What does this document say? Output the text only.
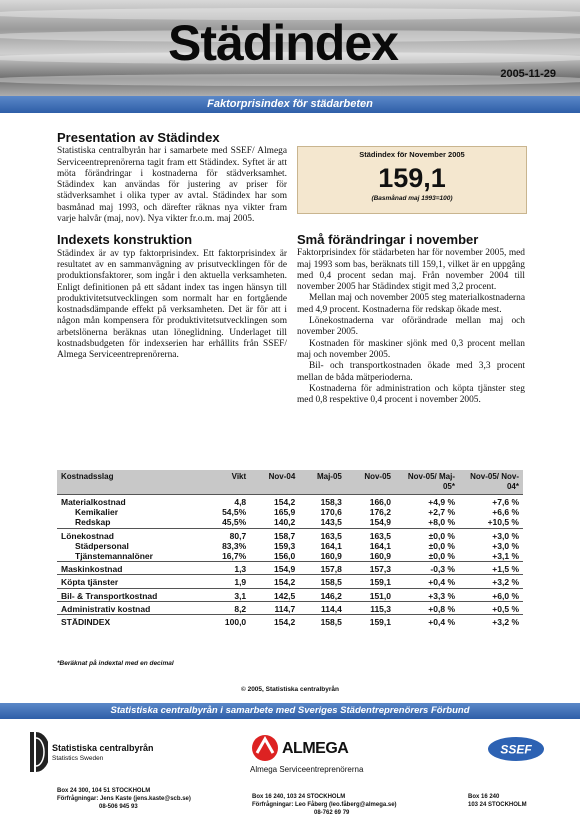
Städindex
2005-11-29
Faktorprisindex för städarbeten
Presentation av Städindex

Statistiska centralbyrån har i samarbete med SSEF/ Almega Serviceentreprenörerna tagit fram ett Städindex. Syftet är att möta förändringar i kostnaderna för städverksamhet. Städindex kan användas för justering av priser för städverksamhet i olika typer av avtal. Städindex har som basmånad maj 1993, och därefter räknas nya vikter fram varje halvår (maj, nov). Nya vikter fr.o.m. maj 2005.

Indexets konstruktion

Städindex är av typ faktorprisindex. Ett faktorprisindex är resultatet av en sammanvägning av prisutvecklingen för de produktionsfaktorer, som ingår i den aktuella verksamheten. Enligt definitionen på ett sådant index tas ingen hänsyn till produktivitetsutvecklingen som normalt har en fortgående kostnadsdämpande effekt på verksamheten. Det är för att i någon mån kompensera för produktivitetsutvecklingen som arbetslönerna beräknas utan löneglidning. Underlaget till kostnadsbudgeten för indexserien har erhållits från SSEF/ Almega Serviceentreprenörerna.

Städindex för November 2005
159,1
(Basmånad maj 1993=100)
Små förändringar i november

Faktorprisindex för städarbeten har för november 2005, med maj 1993 som bas, beräknats till 159,1, vilket är en uppgång med 0,4 procent sedan maj. Från november 2004 till november 2005 har Städindex stigit med 3,2 procent.

Mellan maj och november 2005 steg materialkostnaderna med 4,9 procent. Kostnaderna för redskap ökade mest.

Lönekostnaderna var oförändrade mellan maj och november 2005.

Kostnaden för maskiner sjönk med 0,3 procent mellan maj och november 2005.

Bil- och transportkostnaden ökade med 3,3 procent mellan de båda mätperioderna.

Kostnaderna för administration och köpta tjänster steg med 0,8 respektive 0,4 procent i november 2005.

Kostnadsslag	Vikt	Nov-04	Maj-05	Nov-05	Nov-05/ Maj-05*	Nov-05/ Nov-04*
Materialkostnad	4,8	154,2	158,3	166,0	+4,9 %	+7,6 %
Kemikalier	54,5%	165,9	170,6	176,2	+2,7 %	+6,6 %
Redskap	45,5%	140,2	143,5	154,9	+8,0 %	+10,5 %
Lönekostnad	80,7	158,7	163,5	163,5	±0,0 %	+3,0 %
Städpersonal	83,3%	159,3	164,1	164,1	±0,0 %	+3,0 %
Tjänstemannalöner	16,7%	156,0	160,9	160,9	±0,0 %	+3,1 %
Maskinkostnad	1,3	154,9	157,8	157,3	-0,3 %	+1,5 %
Köpta tjänster	1,9	154,2	158,5	159,1	+0,4 %	+3,2 %
Bil- & Transportkostnad	3,1	142,5	146,2	151,0	+3,3 %	+6,0 %
Administrativ kostnad	8,2	114,7	114,4	115,3	+0,8 %	+0,5 %
STÄDINDEX	100,0	154,2	158,5	159,1	+0,4 %	+3,2 %
*Beräknat på indextal med en decimal
© 2005, Statistiska centralbyrån
Statistiska centralbyrån i samarbete med Sveriges Städentreprenörers Förbund
Statistiska centralbyrån
Statistics Sweden
ALMEGA
Almega Serviceentreprenörerna
SSEF
Box 24 300, 104 51 STOCKHOLM
Förfrågningar: Jens Kaste (jens.kaste@scb.se)
08-506 945 93
Box 16 240, 103 24 STOCKHOLM
Förfrågningar: Leo Fåberg (leo.fåberg@almega.se)
08-762 69 79
Box 16 240
103 24 STOCKHOLM
